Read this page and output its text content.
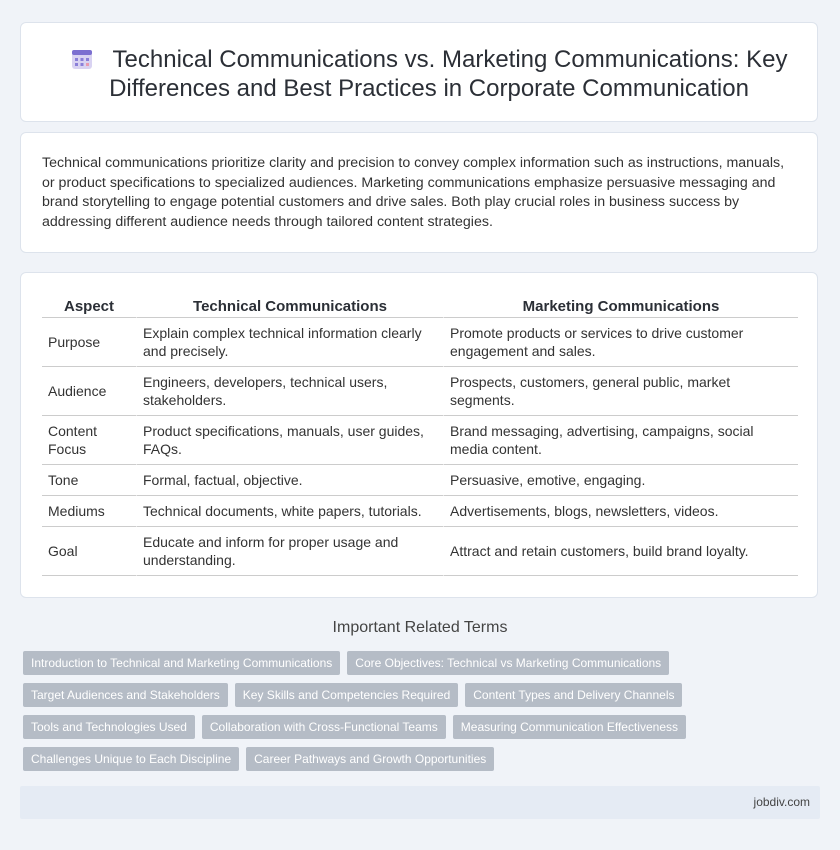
Technical Communications vs. Marketing Communications: Key Differences and Best Practices in Corporate Communication

Technical communications prioritize clarity and precision to convey complex information such as instructions, manuals, or product specifications to specialized audiences. Marketing communications emphasize persuasive messaging and brand storytelling to engage potential customers and drive sales. Both play crucial roles in business success by addressing different audience needs through tailored content strategies.

Aspect	Technical Communications	Marketing Communications
Purpose	Explain complex technical information clearly and precisely.	Promote products or services to drive customer engagement and sales.
Audience	Engineers, developers, technical users, stakeholders.	Prospects, customers, general public, market segments.
Content Focus	Product specifications, manuals, user guides, FAQs.	Brand messaging, advertising, campaigns, social media content.
Tone	Formal, factual, objective.	Persuasive, emotive, engaging.
Mediums	Technical documents, white papers, tutorials.	Advertisements, blogs, newsletters, videos.
Goal	Educate and inform for proper usage and understanding.	Attract and retain customers, build brand loyalty.
Important Related Terms
Introduction to Technical and Marketing Communications	Core Objectives: Technical vs Marketing Communications
Target Audiences and Stakeholders	Key Skills and Competencies Required	Content Types and Delivery Channels
Tools and Technologies Used	Collaboration with Cross-Functional Teams	Measuring Communication Effectiveness
Challenges Unique to Each Discipline	Career Pathways and Growth Opportunities
jobdiv.com
